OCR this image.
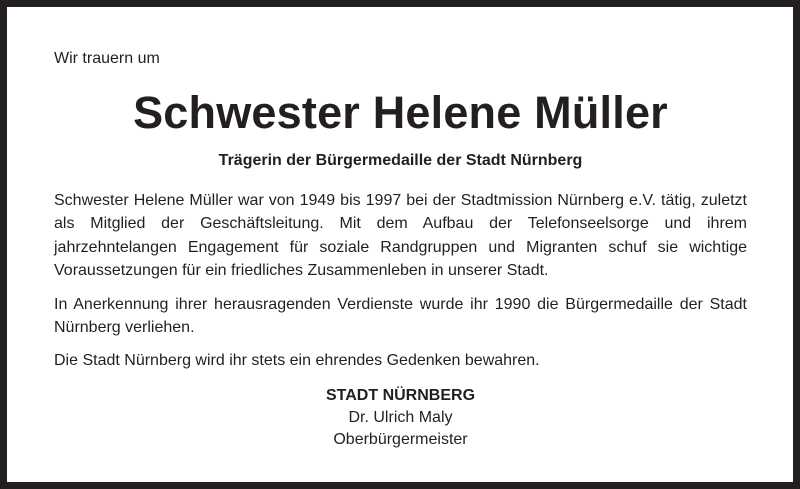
Wir trauern um

Schwester Helene Müller

Trägerin der Bürgermedaille der Stadt Nürnberg

Schwester Helene Müller war von 1949 bis 1997 bei der Stadtmission Nürnberg e.V. tätig, zuletzt als Mitglied der Geschäftsleitung. Mit dem Aufbau der Telefonseelsorge und ihrem jahrzehntelangen Engagement für soziale Randgruppen und Migranten schuf sie wichtige Voraussetzungen für ein friedliches Zusammenleben in unserer Stadt.

In Anerkennung ihrer herausragenden Verdienste wurde ihr 1990 die Bürgermedaille der Stadt Nürnberg verliehen.

Die Stadt Nürnberg wird ihr stets ein ehrendes Gedenken bewahren.

STADT NÜRNBERG
Dr. Ulrich Maly
Oberbürgermeister
